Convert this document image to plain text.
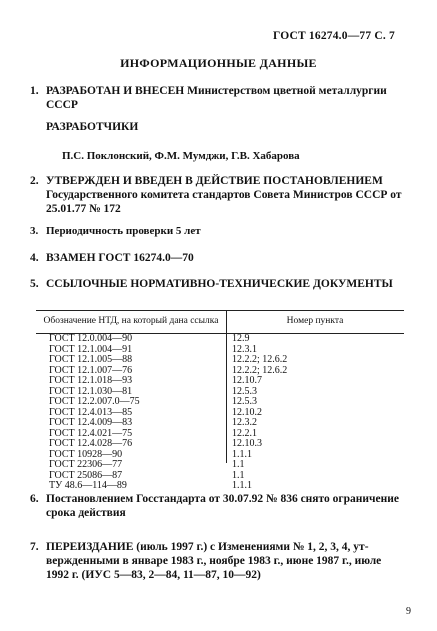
ГОСТ 16274.0—77 С. 7
ИНФОРМАЦИОННЫЕ ДАННЫЕ
1. РАЗРАБОТАН И ВНЕСЕН Министерством цветной металлургии
СССР
РАЗРАБОТЧИКИ
П.С. Поклонский, Ф.М. Мумджи, Г.В. Хабарова
2. УТВЕРЖДЕН И ВВЕДЕН В ДЕЙСТВИЕ ПОСТАНОВЛЕНИЕМ
Государственного комитета стандартов Совета Министров СССР от
25.01.77 № 172
3. Периодичность проверки 5 лет
4. ВЗАМЕН ГОСТ 16274.0—70
5. ССЫЛОЧНЫЕ НОРМАТИВНО-ТЕХНИЧЕСКИЕ ДОКУМЕНТЫ
Обозначение НТД, на который дана ссылка	Номер пункта
ГОСТ 12.0.004—90	12.9
ГОСТ 12.1.004—91	12.3.1
ГОСТ 12.1.005—88	12.2.2; 12.6.2
ГОСТ 12.1.007—76	12.2.2; 12.6.2
ГОСТ 12.1.018—93	12.10.7
ГОСТ 12.1.030—81	12.5.3
ГОСТ 12.2.007.0—75	12.5.3
ГОСТ 12.4.013—85	12.10.2
ГОСТ 12.4.009—83	12.3.2
ГОСТ 12.4.021—75	12.2.1
ГОСТ 12.4.028—76	12.10.3
ГОСТ 10928—90	1.1.1
ГОСТ 22306—77	1.1
ГОСТ 25086—87	1.1
ТУ 48.6—114—89	1.1.1
6. Постановлением Госстандарта от 30.07.92 № 836 снято ограничение
срока действия
7. ПЕРЕИЗДАНИЕ (июль 1997 г.) с Изменениями № 1, 2, 3, 4, ут-
вержденными в январе 1983 г., ноябре 1983 г., июне 1987 г., июле
1992 г. (ИУС 5—83, 2—84, 11—87, 10—92)
9
